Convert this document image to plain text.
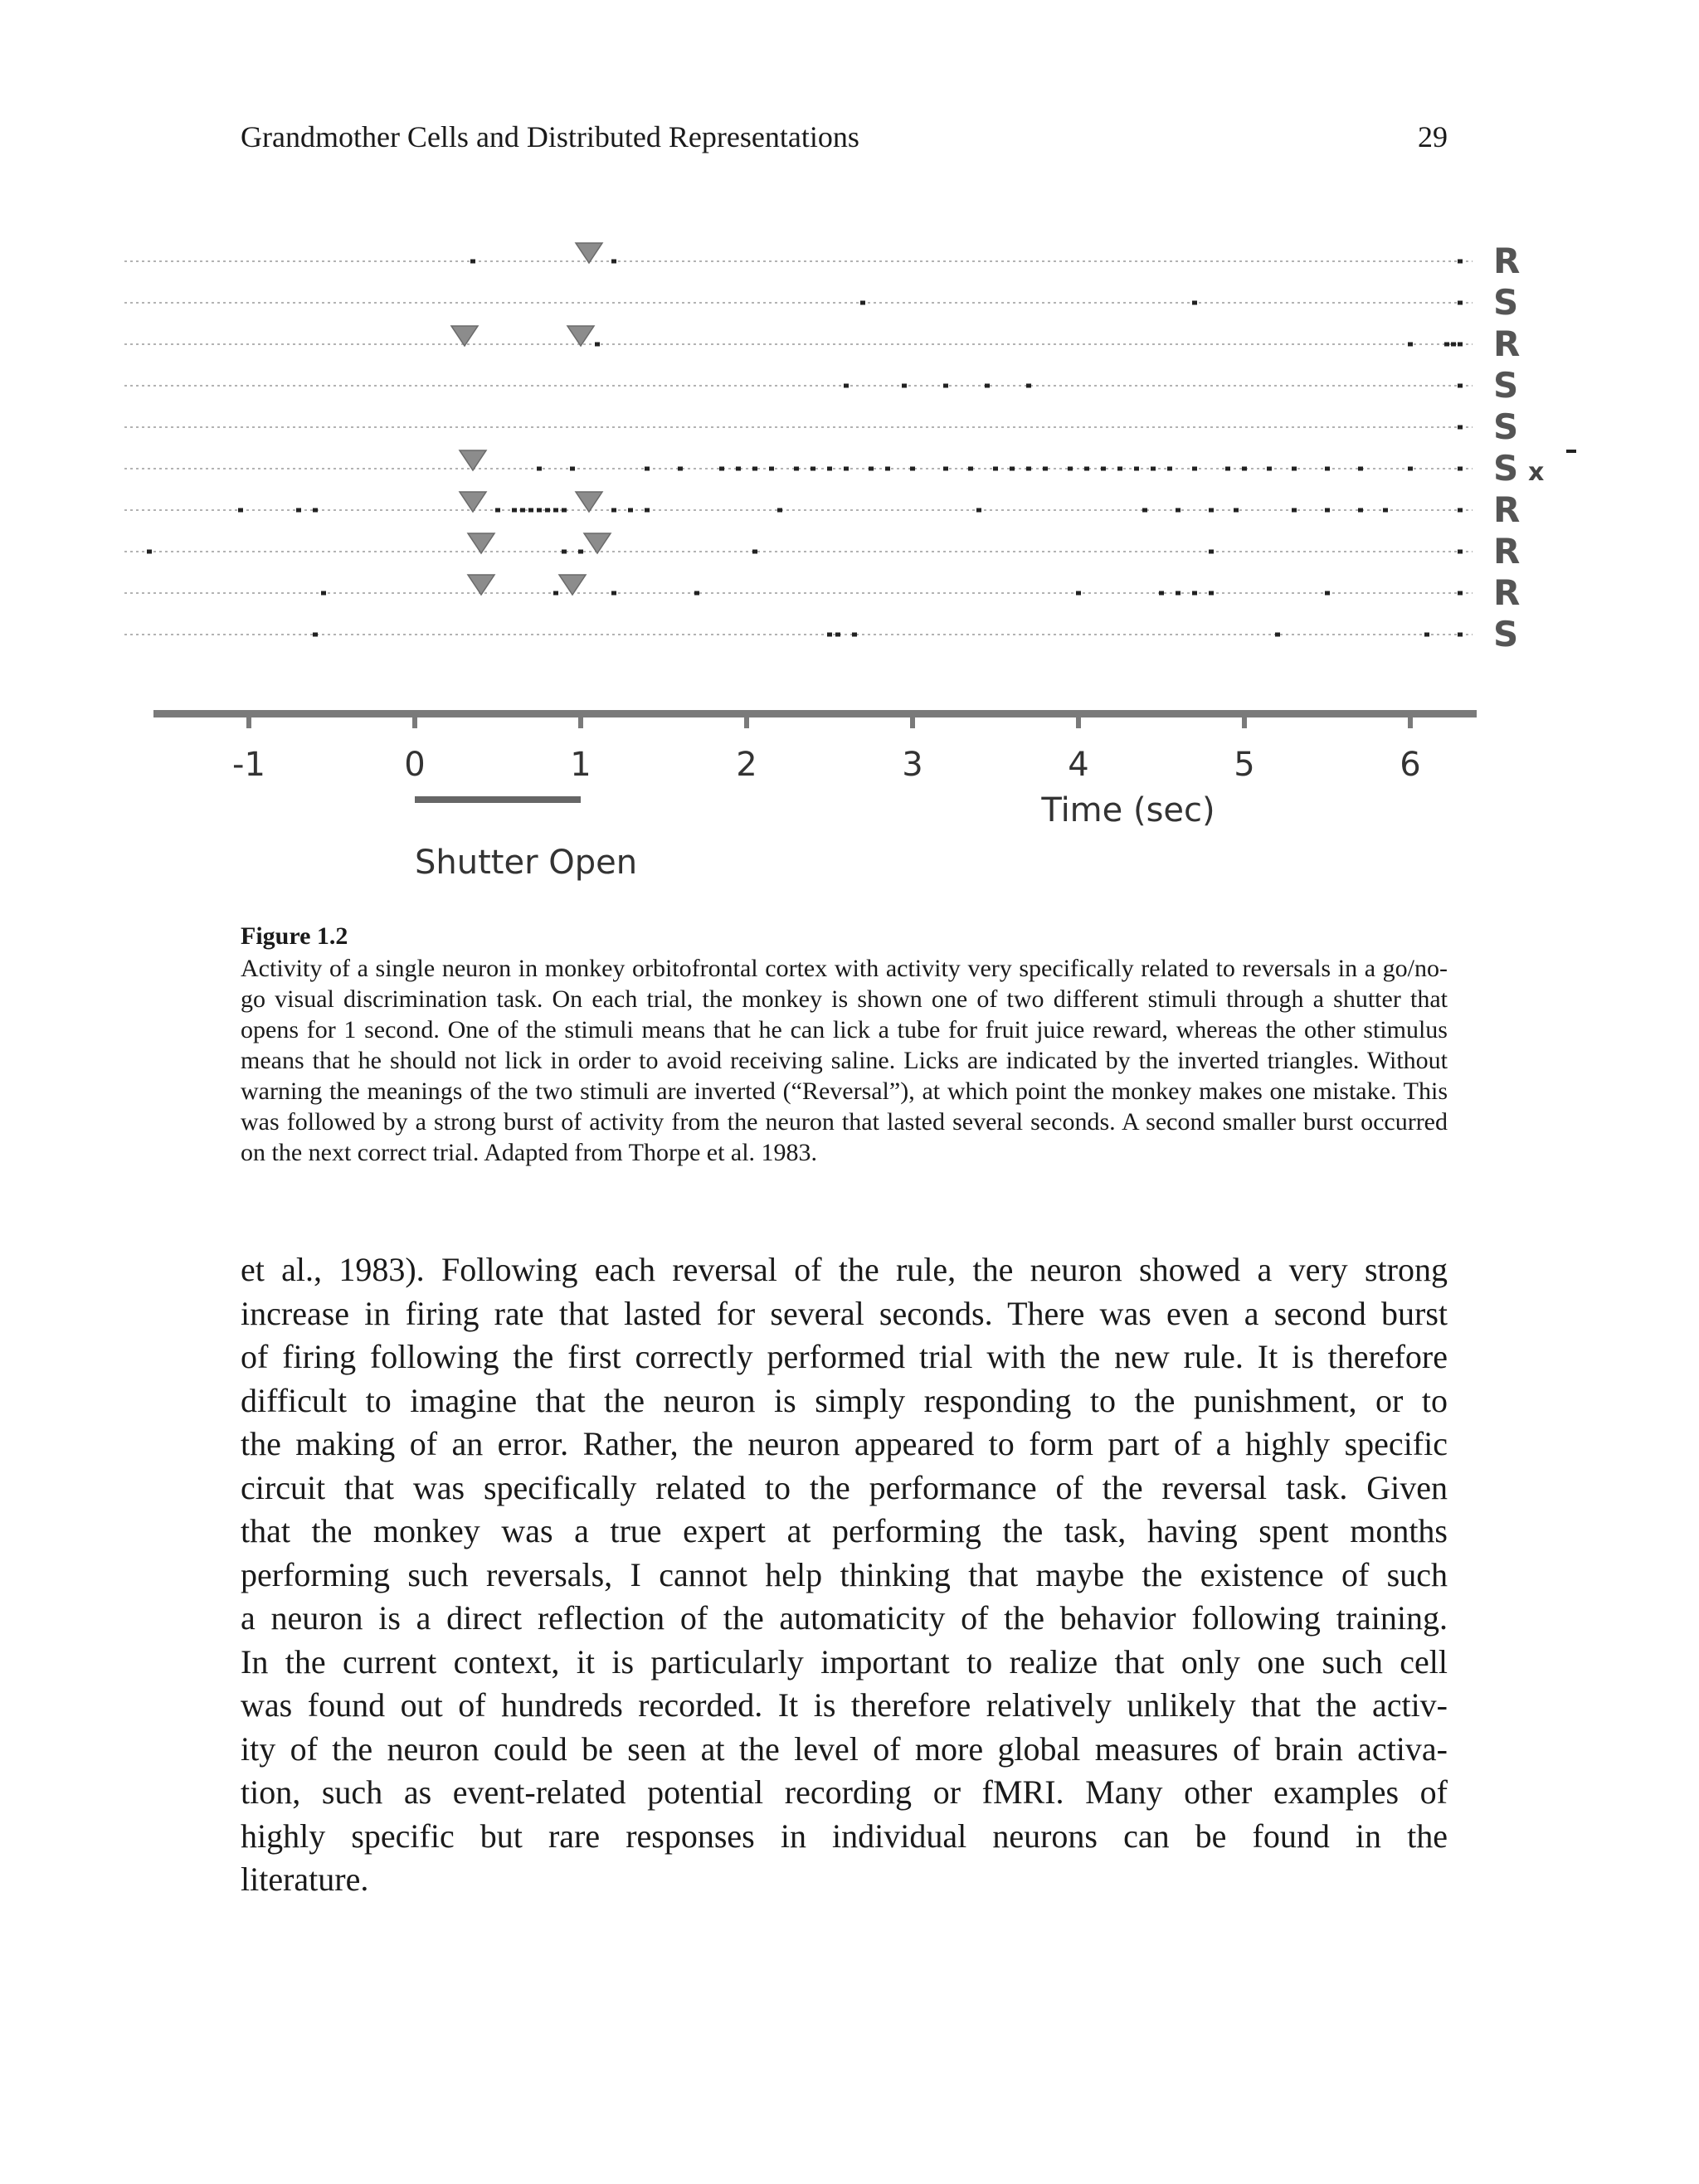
Grandmother Cells and Distributed Representations	29
R
S
R
S
S
S x
R
R
R
S
-1	0	1	2	3	4	5	6
Time (sec)
Shutter Open
Figure 1.2
Activity of a single neuron in monkey orbitofrontal cortex with activity very specifically related to reversals in a go/no-go visual discrimination task. On each trial, the monkey is shown one of two different stimuli through a shutter that opens for 1 second. One of the stimuli means that he can lick a tube for fruit juice reward, whereas the other stimulus means that he should not lick in order to avoid receiving saline. Licks are indicated by the inverted triangles. Without warning the meanings of the two stimuli are inverted (“Reversal”), at which point the monkey makes one mistake. This was followed by a strong burst of activity from the neuron that lasted several seconds. A second smaller burst occurred on the next correct trial. Adapted from Thorpe et al. 1983.
et al., 1983). Following each reversal of the rule, the neuron showed a very strong
increase in firing rate that lasted for several seconds. There was even a second burst
of firing following the first correctly performed trial with the new rule. It is therefore
difficult to imagine that the neuron is simply responding to the punishment, or to
the making of an error. Rather, the neuron appeared to form part of a highly specific
circuit that was specifically related to the performance of the reversal task. Given
that the monkey was a true expert at performing the task, having spent months
performing such reversals, I cannot help thinking that maybe the existence of such
a neuron is a direct reflection of the automaticity of the behavior following training.
In the current context, it is particularly important to realize that only one such cell
was found out of hundreds recorded. It is therefore relatively unlikely that the activ-
ity of the neuron could be seen at the level of more global measures of brain activa-
tion, such as event-related potential recording or fMRI. Many other examples of
highly specific but rare responses in individual neurons can be found in the
literature.
